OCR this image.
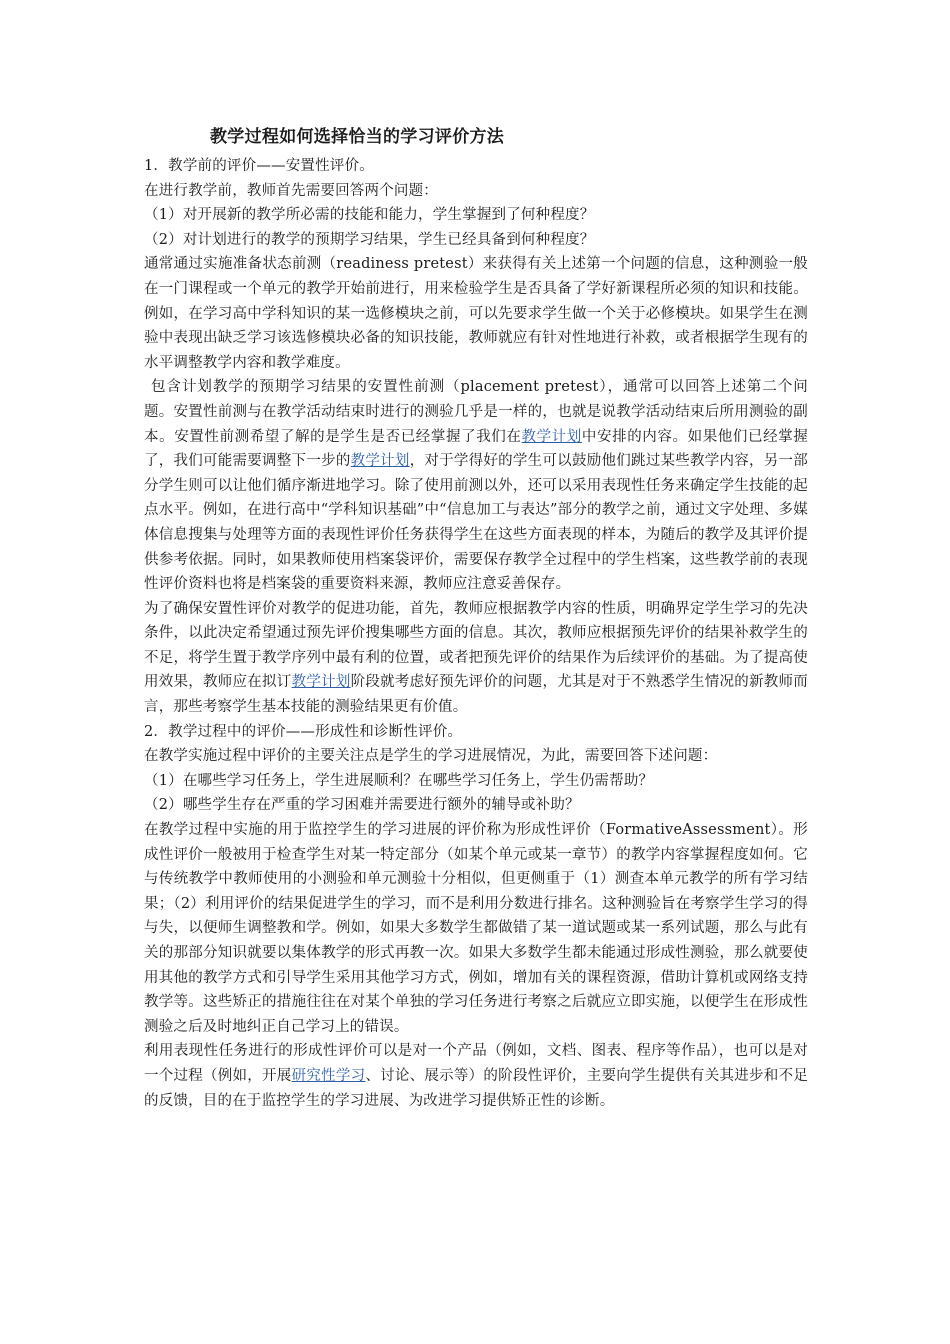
教学过程如何选择恰当的学习评价方法

1．教学前的评价——安置性评价。

在进行教学前，教师首先需要回答两个问题：

（1）对开展新的教学所必需的技能和能力，学生掌握到了何种程度？

（2）对计划进行的教学的预期学习结果，学生已经具备到何种程度？

通常通过实施准备状态前测（readiness pretest）来获得有关上述第一个问题的信息，这种测验一般在一门课程或一个单元的教学开始前进行，用来检验学生是否具备了学好新课程所必须的知识和技能。例如，在学习高中学科知识的某一选修模块之前，可以先要求学生做一个关于必修模块。如果学生在测验中表现出缺乏学习该选修模块必备的知识技能，教师就应有针对性地进行补救，或者根据学生现有的水平调整教学内容和教学难度。

包含计划教学的预期学习结果的安置性前测（placement pretest），通常可以回答上述第二个问题。安置性前测与在教学活动结束时进行的测验几乎是一样的，也就是说教学活动结束后所用测验的副本。安置性前测希望了解的是学生是否已经掌握了我们在教学计划中安排的内容。如果他们已经掌握了，我们可能需要调整下一步的教学计划，对于学得好的学生可以鼓励他们跳过某些教学内容，另一部分学生则可以让他们循序渐进地学习。除了使用前测以外，还可以采用表现性任务来确定学生技能的起点水平。例如，在进行高中“学科知识基础”中“信息加工与表达”部分的教学之前，通过文字处理、多媒体信息搜集与处理等方面的表现性评价任务获得学生在这些方面表现的样本，为随后的教学及其评价提供参考依据。同时，如果教师使用档案袋评价，需要保存教学全过程中的学生档案，这些教学前的表现性评价资料也将是档案袋的重要资料来源，教师应注意妥善保存。

为了确保安置性评价对教学的促进功能，首先，教师应根据教学内容的性质，明确界定学生学习的先决条件，以此决定希望通过预先评价搜集哪些方面的信息。其次，教师应根据预先评价的结果补救学生的不足，将学生置于教学序列中最有利的位置，或者把预先评价的结果作为后续评价的基础。为了提高使用效果，教师应在拟订教学计划阶段就考虑好预先评价的问题，尤其是对于不熟悉学生情况的新教师而言，那些考察学生基本技能的测验结果更有价值。

2．教学过程中的评价——形成性和诊断性评价。

在教学实施过程中评价的主要关注点是学生的学习进展情况，为此，需要回答下述问题：

（1）在哪些学习任务上，学生进展顺利？在哪些学习任务上，学生仍需帮助？

（2）哪些学生存在严重的学习困难并需要进行额外的辅导或补助？

在教学过程中实施的用于监控学生的学习进展的评价称为形成性评价（FormativeAssessment）。形成性评价一般被用于检查学生对某一特定部分（如某个单元或某一章节）的教学内容掌握程度如何。它与传统教学中教师使用的小测验和单元测验十分相似，但更侧重于（1）测查本单元教学的所有学习结果；（2）利用评价的结果促进学生的学习，而不是利用分数进行排名。这种测验旨在考察学生学习的得与失，以便师生调整教和学。例如，如果大多数学生都做错了某一道试题或某一系列试题，那么与此有关的那部分知识就要以集体教学的形式再教一次。如果大多数学生都未能通过形成性测验，那么就要使用其他的教学方式和引导学生采用其他学习方式，例如，增加有关的课程资源，借助计算机或网络支持教学等。这些矫正的措施往往在对某个单独的学习任务进行考察之后就应立即实施，以便学生在形成性测验之后及时地纠正自己学习上的错误。

利用表现性任务进行的形成性评价可以是对一个产品（例如，文档、图表、程序等作品），也可以是对一个过程（例如，开展研究性学习、讨论、展示等）的阶段性评价，主要向学生提供有关其进步和不足的反馈，目的在于监控学生的学习进展、为改进学习提供矫正性的诊断。
